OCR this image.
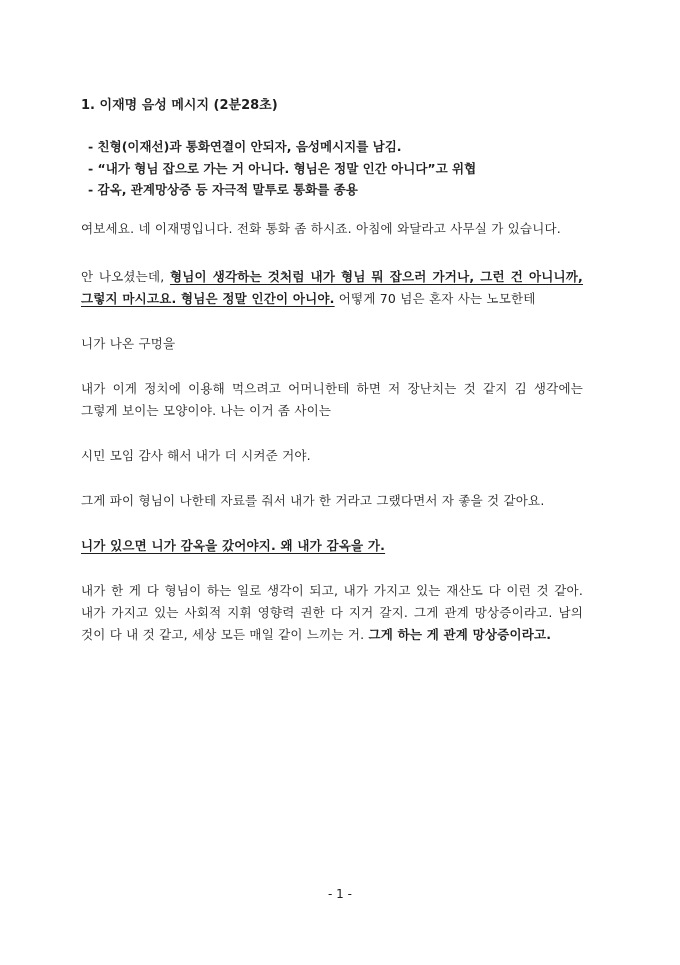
1. 이재명 음성 메시지 (2분28초)

- 친형(이재선)과 통화연결이 안되자, 음성메시지를 남김.
- “내가 형님 잡으로 가는 거 아니다. 형님은 정말 인간 아니다”고 위협
- 감옥, 관계망상증 등 자극적 말투로 통화를 종용

여보세요. 네 이재명입니다. 전화 통화 좀 하시죠. 아침에 와달라고 사무실 가 있습니다.

안 나오셨는데, 형님이 생각하는 것처럼 내가 형님 뭐 잡으러 가거나, 그런 건 아니니까, 그렇지 마시고요. 형님은 정말 인간이 아니야. 어떻게 70 넘은 혼자 사는 노모한테

니가 나온 구멍을

내가 이게 정치에 이용해 먹으려고 어머니한테 하면 저 장난치는 것 같지 김 생각에는 그렇게 보이는 모양이야. 나는 이거 좀 사이는

시민 모임 감사 해서 내가 더 시켜준 거야.

그게 파이 형님이 나한테 자료를 줘서 내가 한 거라고 그랬다면서 자 좋을 것 같아요.

니가 있으면 니가 감옥을 갔어야지. 왜 내가 감옥을 가.

내가 한 게 다 형님이 하는 일로 생각이 되고, 내가 가지고 있는 재산도 다 이런 것 같아. 내가 가지고 있는 사회적 지휘 영향력 권한 다 지거 갈지. 그게 관계 망상증이라고. 남의 것이 다 내 것 같고, 세상 모든 매일 같이 느끼는 거. 그게 하는 게 관계 망상증이라고.

- 1 -
